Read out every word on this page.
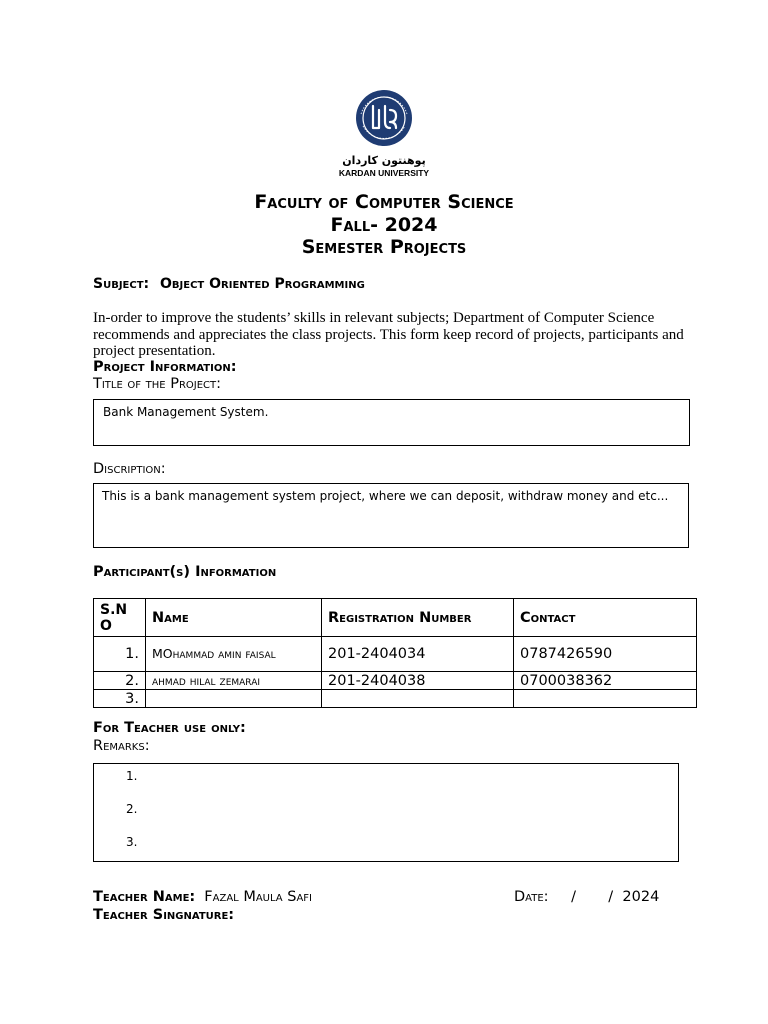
پوهنتون کاردان
KARDAN UNIVERSITY
Faculty of Computer Science
Fall- 2024
Semester Projects
Subject: Object Oriented Programming
In-order to improve the students’ skills in relevant subjects; Department of Computer Science recommends and appreciates the class projects. This form keep record of projects, participants and project presentation.
Project Information:
Title of the Project:
Bank Management System.
Discription:
This is a bank management system project, where we can deposit, withdraw money and etc...
Participant(s) Information
S.N O	Name	Registration Number	Contact
1.	MOhammad amin faisal	201-2404034	0787426590
2.	ahmad hilal zemarai	201-2404038	0700038362
3.			
For Teacher use only:
Remarks:
1.
2.
3.
Teacher Name: Fazal Maula Safi	Date: /       /  2024
Teacher Singnature:
